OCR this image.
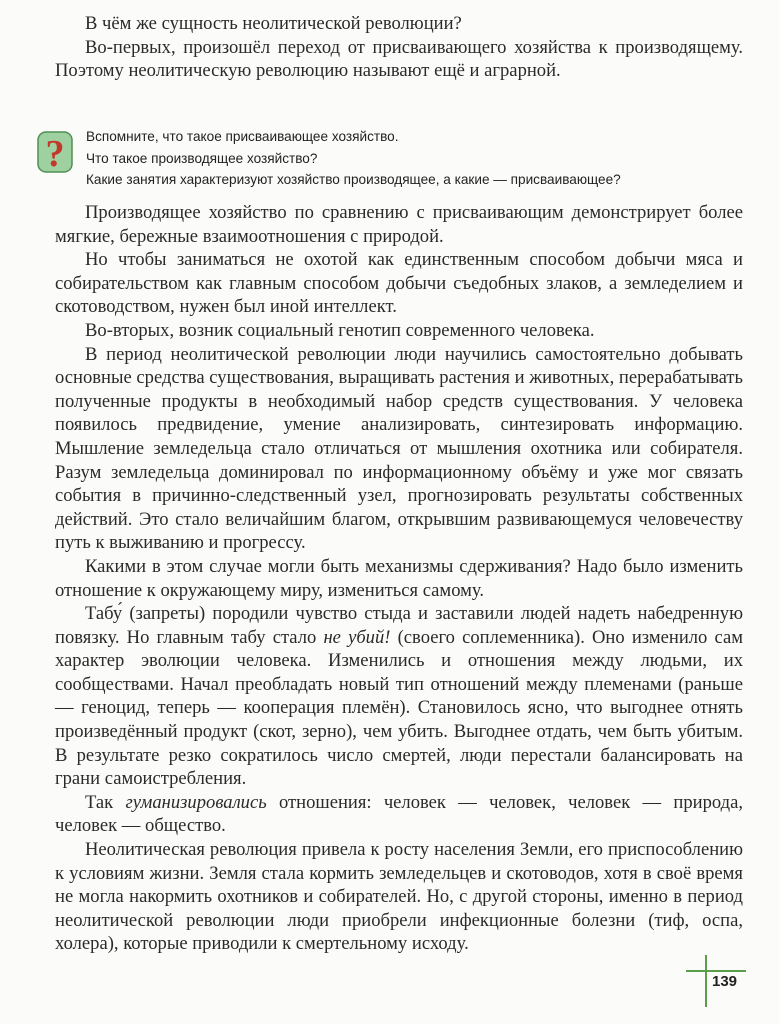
В чём же сущность неолитической революции?

Во-первых, произошёл переход от присваивающего хозяйства к производящему. Поэтому неолитическую революцию называют ещё и аграрной.

? Вспомните, что такое присваивающее хозяйство.
Что такое производящее хозяйство?
Какие занятия характеризуют хозяйство производящее, а какие — присваивающее?

Производящее хозяйство по сравнению с присваивающим демонстрирует более мягкие, бережные взаимоотношения с природой.

Но чтобы заниматься не охотой как единственным способом добычи мяса и собирательством как главным способом добычи съедобных злаков, а земледелием и скотоводством, нужен был иной интеллект.

Во-вторых, возник социальный генотип современного человека.

В период неолитической революции люди научились самостоятельно добывать основные средства существования, выращивать растения и животных, перерабатывать полученные продукты в необходимый набор средств существования. У человека появилось предвидение, умение анализировать, синтезировать информацию. Мышление земледельца стало отличаться от мышления охотника или собирателя. Разум земледельца доминировал по информационному объёму и уже мог связать события в причинно-следственный узел, прогнозировать результаты собственных действий. Это стало величайшим благом, открывшим развивающемуся человечеству путь к выживанию и прогрессу.

Какими в этом случае могли быть механизмы сдерживания? Надо было изменить отношение к окружающему миру, измениться самому.

Табу́ (запреты) породили чувство стыда и заставили людей надеть набедренную повязку. Но главным табу стало не убий! (своего соплеменника). Оно изменило сам характер эволюции человека. Изменились и отношения между людьми, их сообществами. Начал преобладать новый тип отношений между племенами (раньше — геноцид, теперь — кооперация племён). Становилось ясно, что выгоднее отнять произведённый продукт (скот, зерно), чем убить. Выгоднее отдать, чем быть убитым. В результате резко сократилось число смертей, люди перестали балансировать на грани самоистребления.

Так гуманизировались отношения: человек — человек, человек — природа, человек — общество.

Неолитическая революция привела к росту населения Земли, его приспособлению к условиям жизни. Земля стала кормить земледельцев и скотоводов, хотя в своё время не могла накормить охотников и собирателей. Но, с другой стороны, именно в период неолитической революции люди приобрели инфекционные болезни (тиф, оспа, холера), которые приводили к смертельному исходу.

139
